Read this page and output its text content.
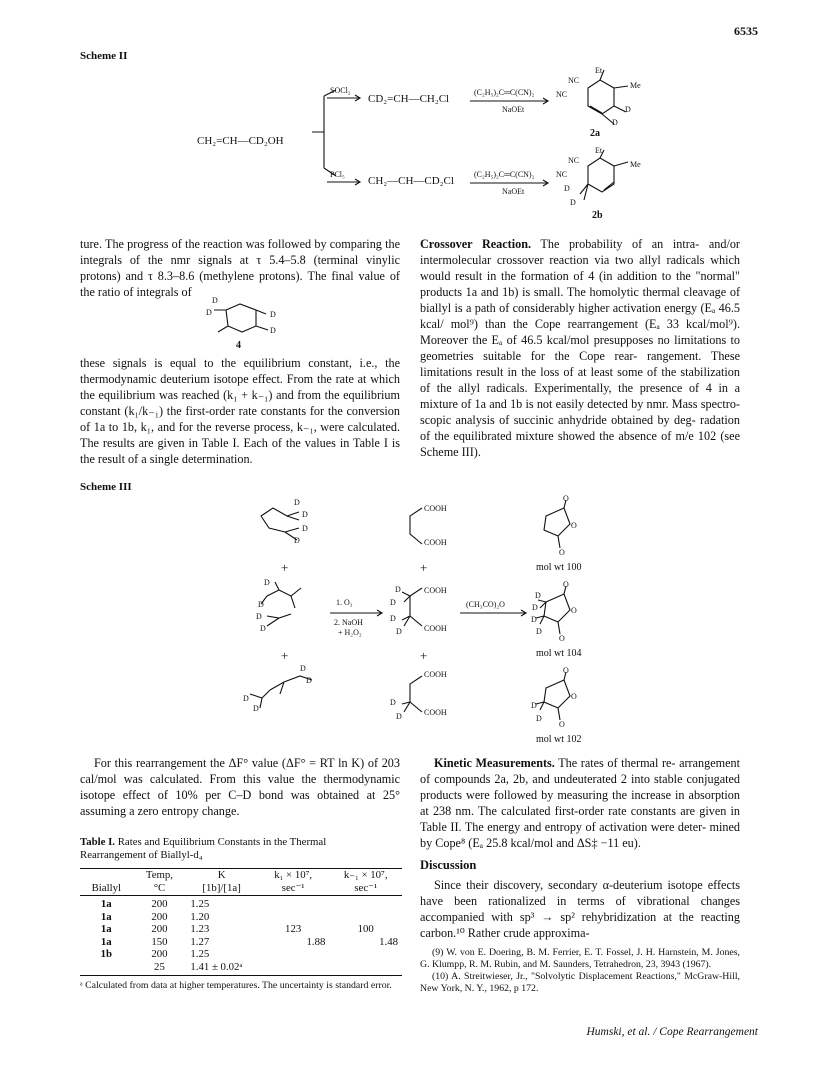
6535
Scheme II
CH₂=CH—CD₂OH
SOCl₂
CD₂=CH—CH₂Cl
(C₂H₅)₂C═C(CN)₂
NaOEt
NC
Et
Me
NC
D
D
2a
PCl₅
CH₂—CH—CD₂Cl
(C₂H₅)₂C═C(CN)₂
NaOEt
Et
NC	Me
NC
D
D
2b

ture. The progress of the reaction was followed by comparing the integrals of the nmr signals at τ 5.4–5.8 (terminal vinylic protons) and τ 8.3–8.6 (methylene protons). The final value of the ratio of integrals of

D
D	D
D
4

these signals is equal to the equilibrium constant, i.e., the thermodynamic deuterium isotope effect. From the rate at which the equilibrium was reached (k₁ + k₋₁) and from the equilibrium constant (k₁/k₋₁) the first-order rate constants for the conversion of 1a to 1b, k₁, and for the reverse process, k₋₁, were calculated. The results are given in Table I. Each of the values in Table I is the result of a single determination.

Crossover Reaction. The probability of an intra- and/or intermolecular crossover reaction via two allyl radicals which would result in the formation of 4 (in addition to the "normal" products 1a and 1b) is small. The homolytic thermal cleavage of biallyl is a path of considerably higher activation energy (Eₐ 46.5 kcal/ mol⁹) than the Cope rearrangement (Eₐ 33 kcal/mol⁹). Moreover the Eₐ of 46.5 kcal/mol presupposes no limitations to geometries suitable for the Cope rear- rangement. These limitations result in the loss of at least some of the stabilization of the allyl radicals. Experimentally, the presence of 4 in a mixture of 1a and 1b is not easily detected by nmr. Mass spectro- scopic analysis of succinic anhydride obtained by deg- radation of the equilibrated mixture showed the absence of m/e 102 (see Scheme III).

Scheme III
D
D
D
D
COOH
COOH
O
O
O
mol wt 100
+	+
D
D
D
D
1. O₃
2. NaOH
+ H₂O₂
D
D
D
D
COOH
COOH
(CH₃CO)₂O
O
O
O
D
D
D
D
mol wt 104
+	+
D
D
D
D
COOH
COOH
D
D
O
O
O
D
D
mol wt 102

For this rearrangement the ΔF° value (ΔF° = RT ln K) of 203 cal/mol was calculated. From this value the thermodynamic isotope effect of 10% per C–D bond was obtained at 25° assuming a zero entropy change.

Table I. Rates and Equilibrium Constants in the Thermal Rearrangement of Biallyl-d₄
Biallyl	Temp,
°C	K
[1b]/[1a]	k₁ × 10⁷,
sec⁻¹	k₋₁ × 10⁷,
sec⁻¹

1a	200	1.25		
1a	200	1.20		
1a	200	1.23	123	100
1a	150	1.27	1.88	1.48
1b	200	1.25		
	25	1.41 ± 0.02ᵃ		
ᵃ Calculated from data at higher temperatures. The uncertainty is standard error.

Kinetic Measurements. The rates of thermal re- arrangement of compounds 2a, 2b, and undeuterated 2 into stable conjugated products were followed by measuring the increase in absorption at 238 nm. The calculated first-order rate constants are given in Table II. The energy and entropy of activation were deter- mined by Cope⁸ (Eₐ 25.8 kcal/mol and ΔS‡ −11 eu).

Discussion

Since their discovery, secondary α-deuterium isotope effects have been rationalized in terms of vibrational changes accompanied with sp³ → sp² rehybridization at the reacting carbon.¹⁰ Rather crude approxima-

(9) W. von E. Doering, B. M. Ferrier, E. T. Fossel, J. H. Harnstein, M. Jones, G. Klumpp, R. M. Rubin, and M. Saunders, Tetrahedron, 23, 3943 (1967).
(10) A. Streitwieser, Jr., "Solvolytic Displacement Reactions," McGraw-Hill, New York, N. Y., 1962, p 172.
Humski, et al. / Cope Rearrangement
